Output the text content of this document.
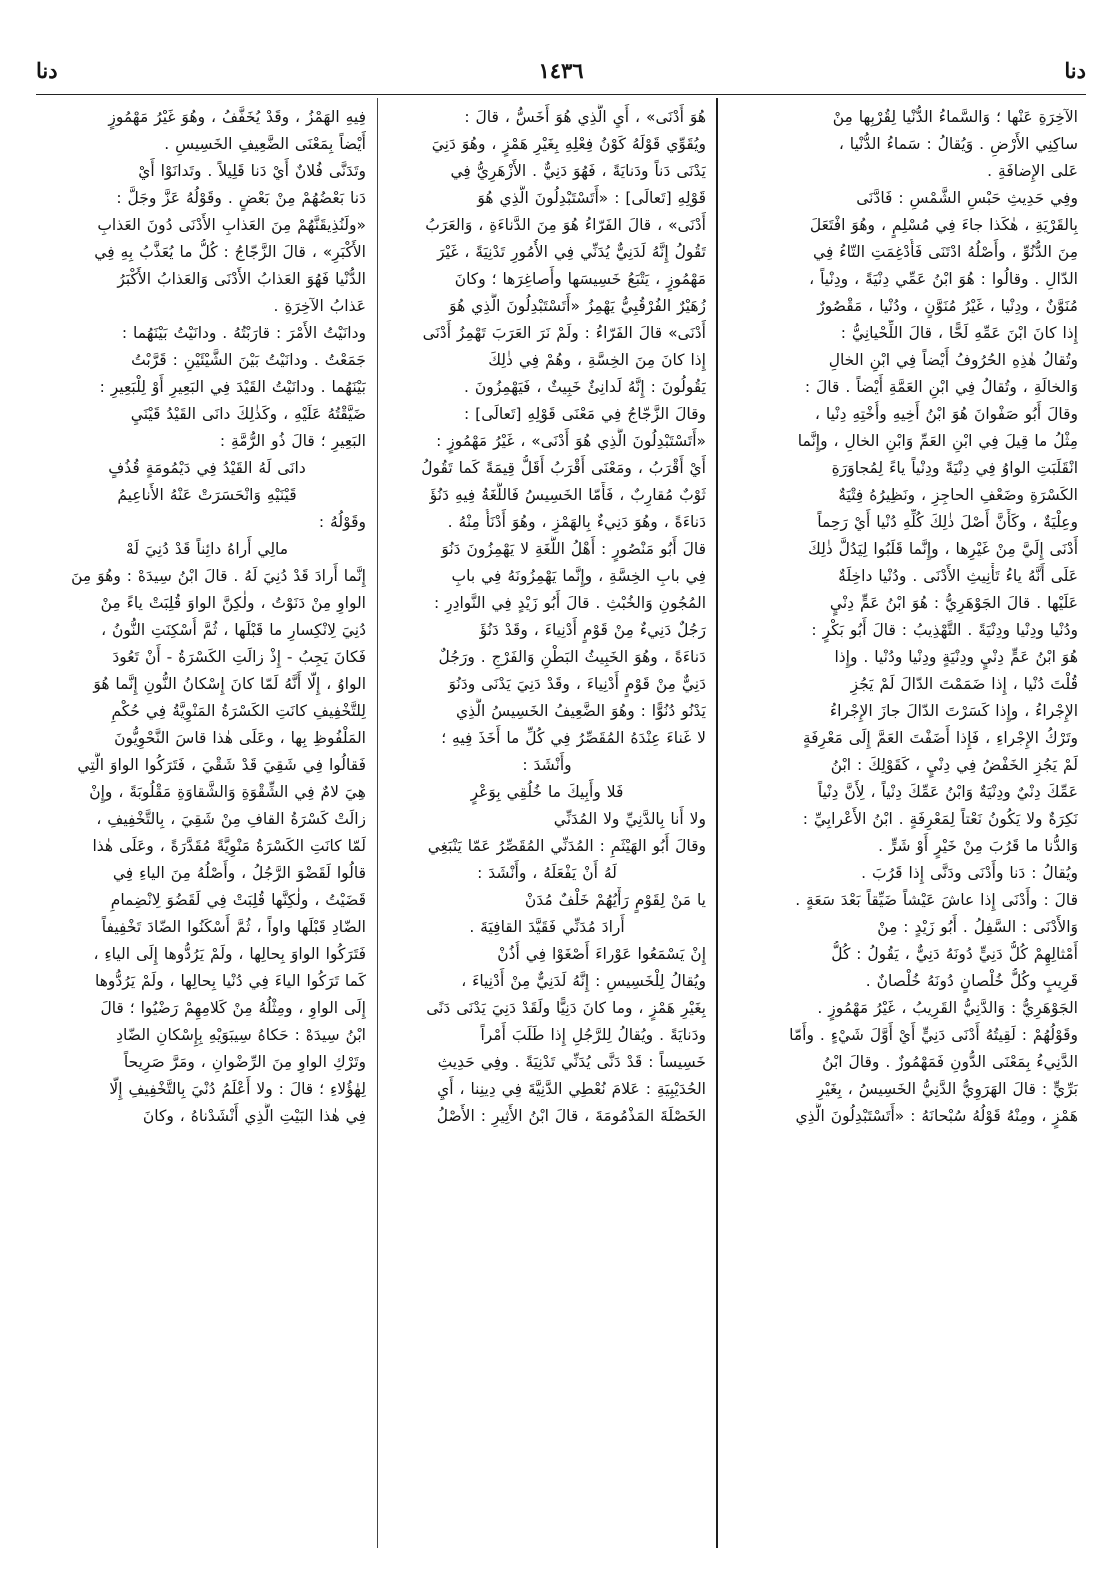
دنا
١٤٣٦
دنا
الآخِرَةِ عَنْها ؛ وَالسَّماءُ الدُّنْيا لِقُرْبِها مِنْ
ساكِنِي الأَرْضِ . وَيُقالُ : سَماءُ الدُّنْيا ،
عَلى الإِضافَةِ .
وفِي حَدِيثِ حَبْسِ الشَّمْسِ : فَادَّنَى
بِالقَرْيَةِ ، هٰكَذا جاءَ فِي مُسْلِمٍ ، وهُوَ افْتَعَلَ
مِنَ الدُّنُوِّ ، وأَصْلُهُ ادْتَنَى فَأُدْغِمَتِ التّاءُ فِي
الدّالِ . وقالُوا : هُوَ ابْنُ عَمِّي دِنْيَةً ، ودِنْياً ،
مُنَوَّنٌ ، ودِنْيا ، غَيْرُ مُنَوَّنٍ ، ودُنْيا ، مَقْصُورٌ
إِذا كانَ ابْنَ عَمِّهِ لَحًّا ، قالَ اللِّحْيانِيُّ :
وتُقالُ هٰذِهِ الحُرُوفُ أَيْضاً فِي ابْنِ الخالِ
وَالخالَةِ ، وتُقالُ فِي ابْنِ العَمَّةِ أَيْضاً . قالَ :
وقالَ أَبُو صَفْوانَ هُوَ ابْنُ أَخِيهِ وأُخْتِهِ دِنْيا ،
مِثْلُ ما قِيلَ فِي ابْنِ العَمِّ وَابْنِ الخالِ ، وإِنَّما
انْقَلَبَتِ الواوُ فِي دِنْيَةً ودِنْياً ياءً لِمُجاوَرَةِ
الكَسْرَةِ وضَعْفِ الحاجِزِ ، ونَظِيرُهُ فِتْيَةٌ
وعِلْيَةٌ ، وكَأَنَّ أَصْلَ ذٰلِكَ كُلِّهِ دُنْيا أَيْ رَحِماً
أَدْنَى إِلَيَّ مِنْ غَيْرِها ، وإِنَّما قَلَبُوا لِيَدُلَّ ذٰلِكَ
عَلَى أَنَّهُ ياءُ تَأْنِيثِ الأَدْنَى . ودُنْيا داخِلَةٌ
عَلَيْها . قالَ الجَوْهَرِيُّ : هُوَ ابْنُ عَمٍّ دِنْيٍ
ودُنْيا ودِنْيا ودِنْيَةً . التَّهْذِيبُ : قالَ أَبُو بَكْرٍ :
هُوَ ابْنُ عَمٍّ دِنْيٍ ودِنْيَةٍ ودِنْيا ودُنْيا . وإِذا
قُلْتَ دُنْيا ، إِذا ضَمَمْتَ الدّالَ لَمْ يَجُزِ
الإِجْراءُ ، وإِذا كَسَرْتَ الدّالَ جازَ الإِجْراءُ
وتَرْكُ الإِجْراءِ ، فَإِذا أَضَفْتَ العَمَّ إِلَى مَعْرِفَةٍ
لَمْ يَجُزِ الخَفْضُ فِي دِنْيٍ ، كَقَوْلِكَ : ابْنُ
عَمِّكَ دِنْيٌ ودِنْيَةٌ وَابْنُ عَمِّكَ دِنْياً ، لِأَنَّ دِنْياً
نَكِرَةٌ ولا يَكُونُ نَعْتاً لِمَعْرِفَةٍ . ابْنُ الأَعْرابِيِّ :
وَالدُّنا ما قَرُبَ مِنْ خَيْرٍ أَوْ شَرٍّ .
ويُقالُ : دَنا وأَدْنَى ودَنَّى إِذا قَرُبَ .
قالَ : وأَدْنَى إِذا عاشَ عَيْشاً ضَيِّقاً بَعْدَ سَعَةٍ .
وَالأَدْنَى : السَّفِلُ . أَبُو زَيْدٍ : مِنْ
أَمْثالِهِمْ كُلُّ دَنِيٍّ دُونَهُ دَنِيٌّ ، يَقُولُ : كُلُّ
قَرِيبٍ وكُلُّ خُلْصانٍ دُونَهُ خُلْصانٌ .
الجَوْهَرِيُّ : وَالدَّنِيُّ القَرِيبُ ، غَيْرُ مَهْمُوزٍ .
وقَوْلُهُمْ : لَقِيتُهُ أَدْنَى دَنِيٍّ أَيْ أَوَّلَ شَيْءٍ . وأَمّا
الدَّنِيءُ بِمَعْنَى الدُّونِ فَمَهْمُوزٌ . وقالَ ابْنُ
بَرِّيٍّ : قالَ الهَرَوِيُّ الدَّنِيُّ الخَسِيسُ ، بِغَيْرِ
هَمْزٍ ، ومِنْهُ قَوْلُهُ سُبْحانَهُ : «أَتَسْتَبْدِلُونَ الَّذِي
هُوَ أَدْنَى» ، أَيِ الَّذِي هُوَ أَخَسُّ ، قالَ :
ويُقَوِّي قَوْلَهُ كَوْنُ فِعْلِهِ بِغَيْرِ هَمْزٍ ، وهُوَ دَنِيَ
يَدْنَى دَناً ودَنايَةً ، فَهُوَ دَنِيٌّ . الأَزْهَرِيُّ فِي
قَوْلِهِ [تَعالَى] : «أَتَسْتَبْدِلُونَ الَّذِي هُوَ
أَدْنَى» ، قالَ الفَرّاءُ هُوَ مِنَ الدَّناءَةِ ، وَالعَرَبُ
تَقُولُ إِنَّهُ لَدَنِيٌّ يُدَنِّي فِي الأُمُورِ تَدْنِيَةً ، غَيْرَ
مَهْمُوزٍ ، يَتْبَعُ خَسِيسَها وأَصاغِرَها ؛ وكانَ
زُهَيْرٌ الفُرْقُبِيُّ يَهْمِزُ «أَتَسْتَبْدِلُونَ الَّذِي هُوَ
أَدْنَى» قالَ الفَرّاءُ : ولَمْ نَرَ العَرَبَ تَهْمِزُ أَدْنَى
إِذا كانَ مِنَ الخِسَّةِ ، وهُمْ فِي ذٰلِكَ
يَقُولُونَ : إِنَّهُ لَدانِئٌ خَبِيثٌ ، فَيَهْمِزُونَ .
وقالَ الزَّجّاجُ فِي مَعْنَى قَوْلِهِ [تَعالَى] :
«أَتَسْتَبْدِلُونَ الَّذِي هُوَ أَدْنَى» ، غَيْرُ مَهْمُوزٍ :
أَيْ أَقْرَبُ ، ومَعْنَى أَقْرَبُ أَقَلُّ قِيمَةً كَما تَقُولُ
ثَوْبٌ مُقارِبٌ ، فَأَمّا الخَسِيسُ فَاللُّغَةُ فِيهِ دَنُؤَ
دَناءَةً ، وهُوَ دَنِيءٌ بِالهَمْزِ ، وهُوَ أَدْنَأُ مِنْهُ .
قالَ أَبُو مَنْصُورٍ : أَهْلُ اللُّغَةِ لا يَهْمِزُونَ دَنُوَ
فِي بابِ الخِسَّةِ ، وإِنَّما يَهْمِزُونَهُ فِي بابِ
المُجُونِ وَالخُبْثِ . قالَ أَبُو زَيْدٍ فِي النَّوادِرِ :
رَجُلٌ دَنِيءٌ مِنْ قَوْمٍ أَدْنِياءَ ، وقَدْ دَنُؤَ
دَناءَةً ، وهُوَ الخَبِيثُ البَطْنِ وَالفَرْجِ . ورَجُلٌ
دَنِيٌّ مِنْ قَوْمٍ أَدْنِياءَ ، وقَدْ دَنِيَ يَدْنَى ودَنُوَ
يَدْنُو دُنُوًّا : وهُوَ الضَّعِيفُ الخَسِيسُ الَّذِي
لا غَناءَ عِنْدَهُ المُقَصِّرُ فِي كُلِّ ما أَخَذَ فِيهِ ؛
وأَنْشَدَ :
فَلا وأَبِيكَ ما خُلُقِي بِوَعْرٍ
ولا أَنا بِالدَّنِيِّ ولا المُدَنِّي
وقالَ أَبُو الهَيْثَمِ : المُدَنِّي المُقَصِّرُ عَمّا يَنْبَغِي
لَهُ أَنْ يَفْعَلَهُ ، وأَنْشَدَ :
يا مَنْ لِقَوْمٍ رَأْيُهُمْ خَلْفٌ مُدَنْ
أَرادَ مُدَنِّي فَقَيَّدَ القافِيَةَ .
إِنْ يَسْمَعُوا عَوْراءَ أَصْغَوْا فِي أُذُنْ
ويُقالُ لِلْخَسِيسِ : إِنَّهُ لَدَنِيٌّ مِنْ أَدْنِياءَ ،
بِغَيْرِ هَمْزٍ ، وما كانَ دَنِيًّا ولَقَدْ دَنِيَ يَدْنَى دَنًى
ودَنايَةً . ويُقالُ لِلرَّجُلِ إِذا طَلَبَ أَمْراً
خَسِيساً : قَدْ دَنَّى يُدَنِّي تَدْنِيَةً . وفِي حَدِيثِ
الحُدَيْبِيَةِ : عَلامَ نُعْطِي الدَّنِيَّةَ فِي دِينِنا ، أَيِ
الخَصْلَةَ المَذْمُومَةَ ، قالَ ابْنُ الأَثِيرِ : الأَصْلُ
فِيهِ الهَمْزُ ، وقَدْ يُخَفَّفُ ، وهُوَ غَيْرُ مَهْمُوزٍ
أَيْضاً بِمَعْنَى الضَّعِيفِ الخَسِيسِ .
وتَدَنَّى فُلانٌ أَيْ دَنا قَلِيلاً . وتَدانَوْا أَيْ
دَنا بَعْضُهُمْ مِنْ بَعْضٍ . وقَوْلُهُ عَزَّ وجَلَّ :
«ولَنُذِيقَنَّهُمْ مِنَ العَذابِ الأَدْنَى دُونَ العَذابِ
الأَكْبَرِ» ، قالَ الزَّجّاجُ : كُلُّ ما يُعَذَّبُ بِهِ فِي
الدُّنْيا فَهُوَ العَذابُ الأَدْنَى وَالعَذابُ الأَكْبَرُ
عَذابُ الآخِرَةِ .
ودانَيْتُ الأَمْرَ : قارَبْتُهُ . ودانَيْتُ بَيْنَهُما :
جَمَعْتُ . ودانَيْتُ بَيْنَ الشَّيْئَيْنِ : قَرَّبْتُ
بَيْنَهُما . ودانَيْتُ القَيْدَ فِي البَعِيرِ أَوْ لِلْبَعِيرِ :
ضَيَّقْتُهُ عَلَيْهِ ، وكَذٰلِكَ دانَى القَيْدُ قَيْنَيِ
البَعِيرِ ؛ قالَ ذُو الرُّمَّةِ :
دانَى لَهُ القَيْدُ فِي دَيْمُومَةٍ قُذُفٍ
قَيْنَيْهِ وَانْحَسَرَتْ عَنْهُ الأَناعِيمُ
وقَوْلُهُ :
مالِي أَراهُ دائِناً قَدْ دُنِيَ لَهْ
إِنَّما أَرادَ قَدْ دُنِيَ لَهُ . قالَ ابْنُ سِيدَهْ : وهُوَ مِنَ
الواوِ مِنْ دَنَوْتُ ، ولٰكِنَّ الواوَ قُلِبَتْ ياءً مِنْ
دُنِيَ لِانْكِسارِ ما قَبْلَها ، ثُمَّ أُسْكِنَتِ النُّونُ ،
فَكانَ يَجِبُ - إِذْ زالَتِ الكَسْرَةُ - أَنْ تَعُودَ
الواوُ ، إِلّا أَنَّهُ لَمّا كانَ إِسْكانُ النُّونِ إِنَّما هُوَ
لِلتَّخْفِيفِ كانَتِ الكَسْرَةُ المَنْوِيَّةُ فِي حُكْمِ
المَلْفُوظِ بِها ، وعَلَى هٰذا قاسَ النَّحْوِيُّونَ
فَقالُوا فِي شَقِيَ قَدْ شَقْيَ ، فَتَرَكُوا الواوَ الَّتِي
هِيَ لامٌ فِي الشِّقْوَةِ وَالشَّقاوَةِ مَقْلُوبَةً ، وإِنْ
زالَتْ كَسْرَةُ القافِ مِنْ شَقِيَ ، بِالتَّخْفِيفِ ،
لَمّا كانَتِ الكَسْرَةُ مَنْوِيَّةً مُقَدَّرَةً ، وعَلَى هٰذا
قالُوا لَقَضْوَ الرَّجُلُ ، وأَصْلُهُ مِنَ الياءِ فِي
قَضَيْتُ ، ولٰكِنَّها قُلِبَتْ فِي لَقَضُوَ لِانْضِمامِ
الضّادِ قَبْلَها واواً ، ثُمَّ أَسْكَنُوا الضّادَ تَخْفِيفاً
فَتَرَكُوا الواوَ بِحالِها ، ولَمْ يَرُدُّوها إِلَى الياءِ ،
كَما تَرَكُوا الياءَ فِي دُنْيا بِحالِها ، ولَمْ يَرُدُّوها
إِلَى الواوِ ، ومِثْلُهُ مِنْ كَلامِهِمْ رَضْيُوا ؛ قالَ
ابْنُ سِيدَهْ : حَكاهُ سِيبَوَيْهِ بِإِسْكانِ الضّادِ
وتَرْكِ الواوِ مِنَ الرِّضْوانِ ، ومَرَّ صَرِيحاً
لِهٰؤُلاءِ ؛ قالَ : ولا أَعْلَمُ دُنْيَ بِالتَّخْفِيفِ إِلّا
فِي هٰذا البَيْتِ الَّذِي أَنْشَدْناهُ ، وكانَ
